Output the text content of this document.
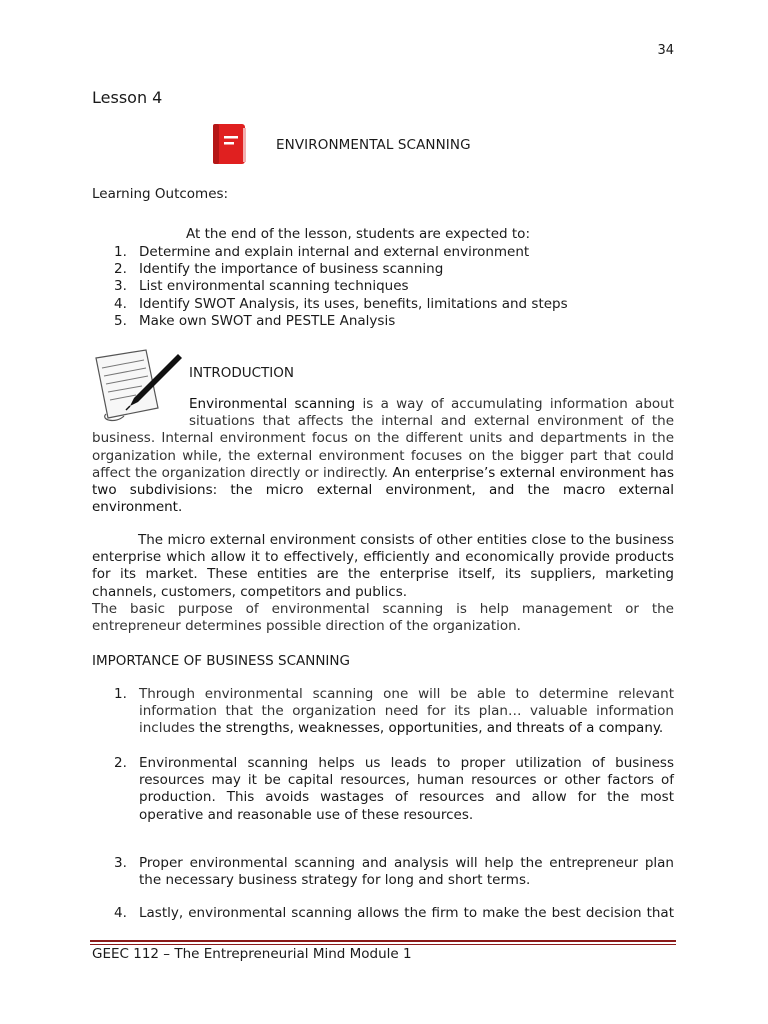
34
Lesson 4
ENVIRONMENTAL SCANNING
Learning Outcomes:
At the end of the lesson, students are expected to:
1. Determine and explain internal and external environment
2. Identify the importance of business scanning
3. List environmental scanning techniques
4. Identify SWOT Analysis, its uses, benefits, limitations and steps
5. Make own SWOT and PESTLE Analysis
INTRODUCTION
Environmental scanning is a way of accumulating information about
situations that affects the internal and external environment of the
business. Internal environment focus on the different units and departments in the organization while, the external environment focuses on the bigger part that could affect the organization directly or indirectly. An enterprise’s external environment has two subdivisions: the micro external environment, and the macro external environment.
The micro external environment consists of other entities close to the business enterprise which allow it to effectively, efficiently and economically provide products for its market. These entities are the enterprise itself, its suppliers, marketing channels, customers, competitors and publics.
The basic purpose of environmental scanning is help management or the entrepreneur determines possible direction of the organization.
IMPORTANCE OF BUSINESS SCANNING
1. Through environmental scanning one will be able to determine relevant information that the organization need for its plan… valuable information includes the strengths, weaknesses, opportunities, and threats of a company.
2. Environmental scanning helps us leads to proper utilization of business resources may it be capital resources, human resources or other factors of production. This avoids wastages of resources and allow for the most operative and reasonable use of these resources.
3. Proper environmental scanning and analysis will help the entrepreneur plan the necessary business strategy for long and short terms.
4. Lastly, environmental scanning allows the firm to make the best decision that
GEEC 112 – The Entrepreneurial Mind Module 1
